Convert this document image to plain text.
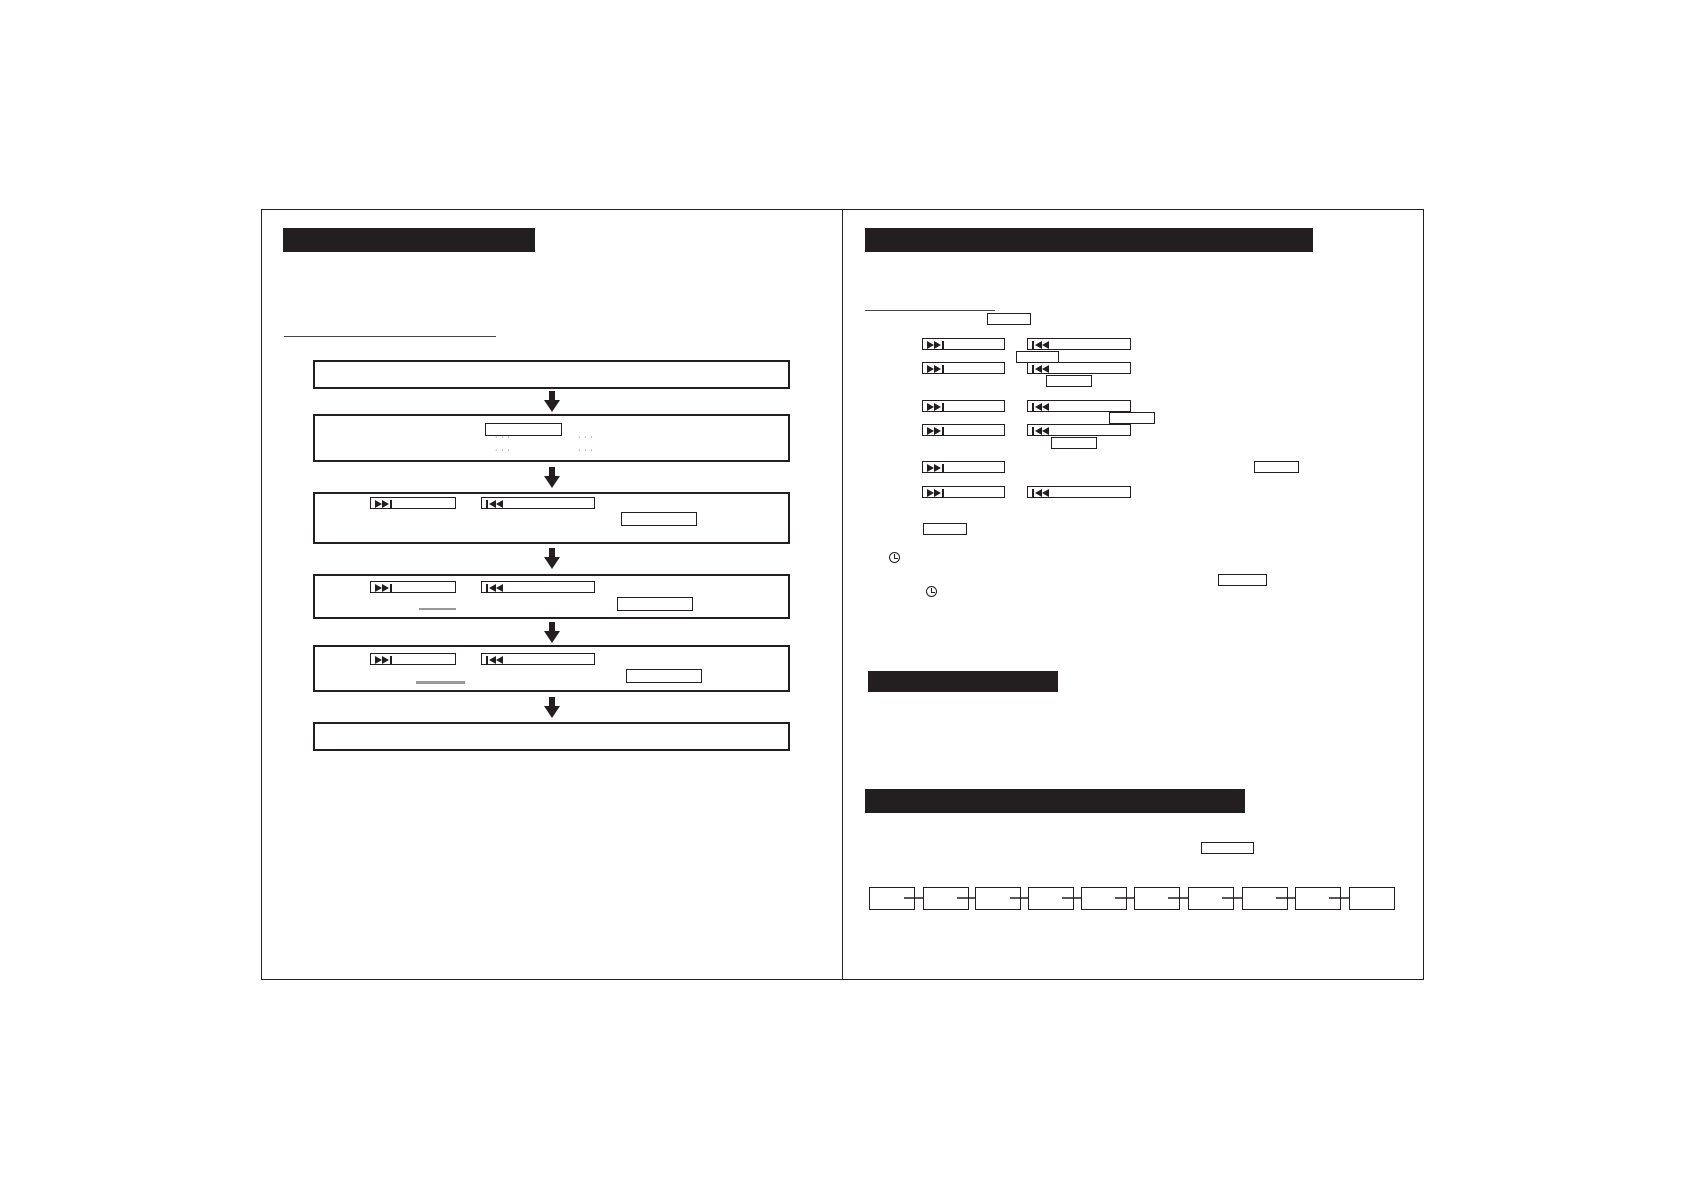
· · ·
· · ·
· · ·
· · ·
